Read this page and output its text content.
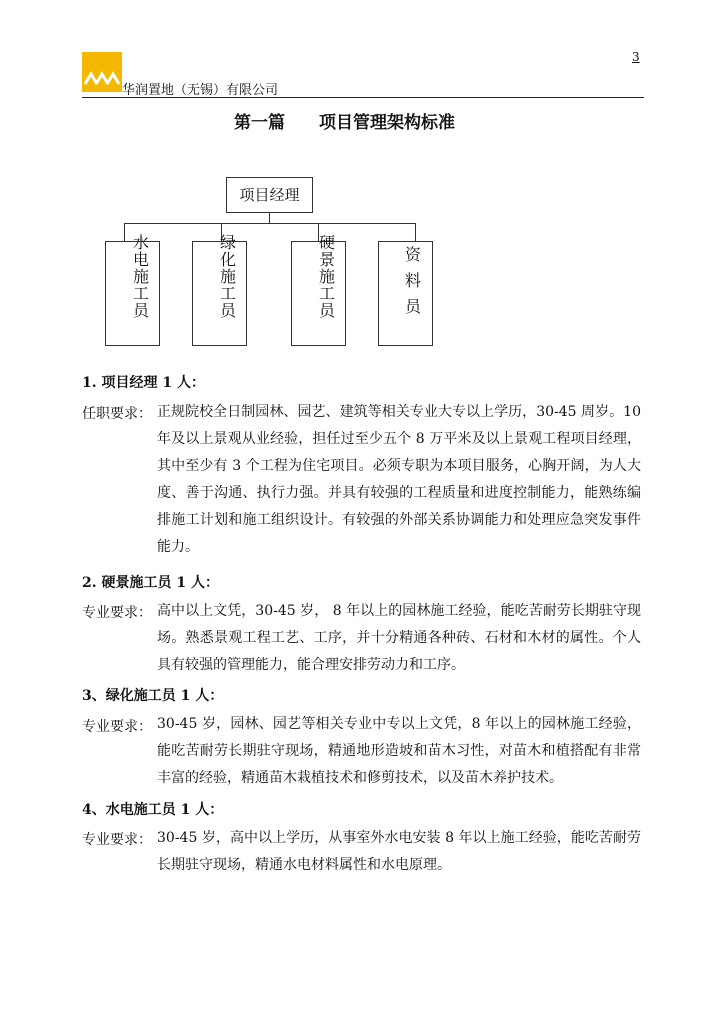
3
华润置地（无锡）有限公司
第一篇　　项目管理架构标准
项目经理
水电施工员
绿化施工员
硬景施工员
资料员
1. 项目经理 1 人：
任职要求： 正规院校全日制园林、园艺、建筑等相关专业大专以上学历，30-45 周岁。10 年及以上景观从业经验，担任过至少五个 8 万平米及以上景观工程项目经理，其中至少有 3 个工程为住宅项目。必须专职为本项目服务，心胸开阔，为人大度、善于沟通、执行力强。并具有较强的工程质量和进度控制能力，能熟练编排施工计划和施工组织设计。有较强的外部关系协调能力和处理应急突发事件能力。
2. 硬景施工员 1 人：
专业要求： 高中以上文凭，30-45 岁， 8 年以上的园林施工经验，能吃苦耐劳长期驻守现场。熟悉景观工程工艺、工序，并十分精通各种砖、石材和木材的属性。个人具有较强的管理能力，能合理安排劳动力和工序。
3、绿化施工员 1 人：
专业要求： 30-45 岁，园林、园艺等相关专业中专以上文凭，8 年以上的园林施工经验，能吃苦耐劳长期驻守现场，精通地形造坡和苗木习性，对苗木和植搭配有非常丰富的经验，精通苗木栽植技术和修剪技术，以及苗木养护技术。
4、水电施工员 1 人：
专业要求： 30-45 岁，高中以上学历，从事室外水电安装 8 年以上施工经验，能吃苦耐劳长期驻守现场，精通水电材料属性和水电原理。
